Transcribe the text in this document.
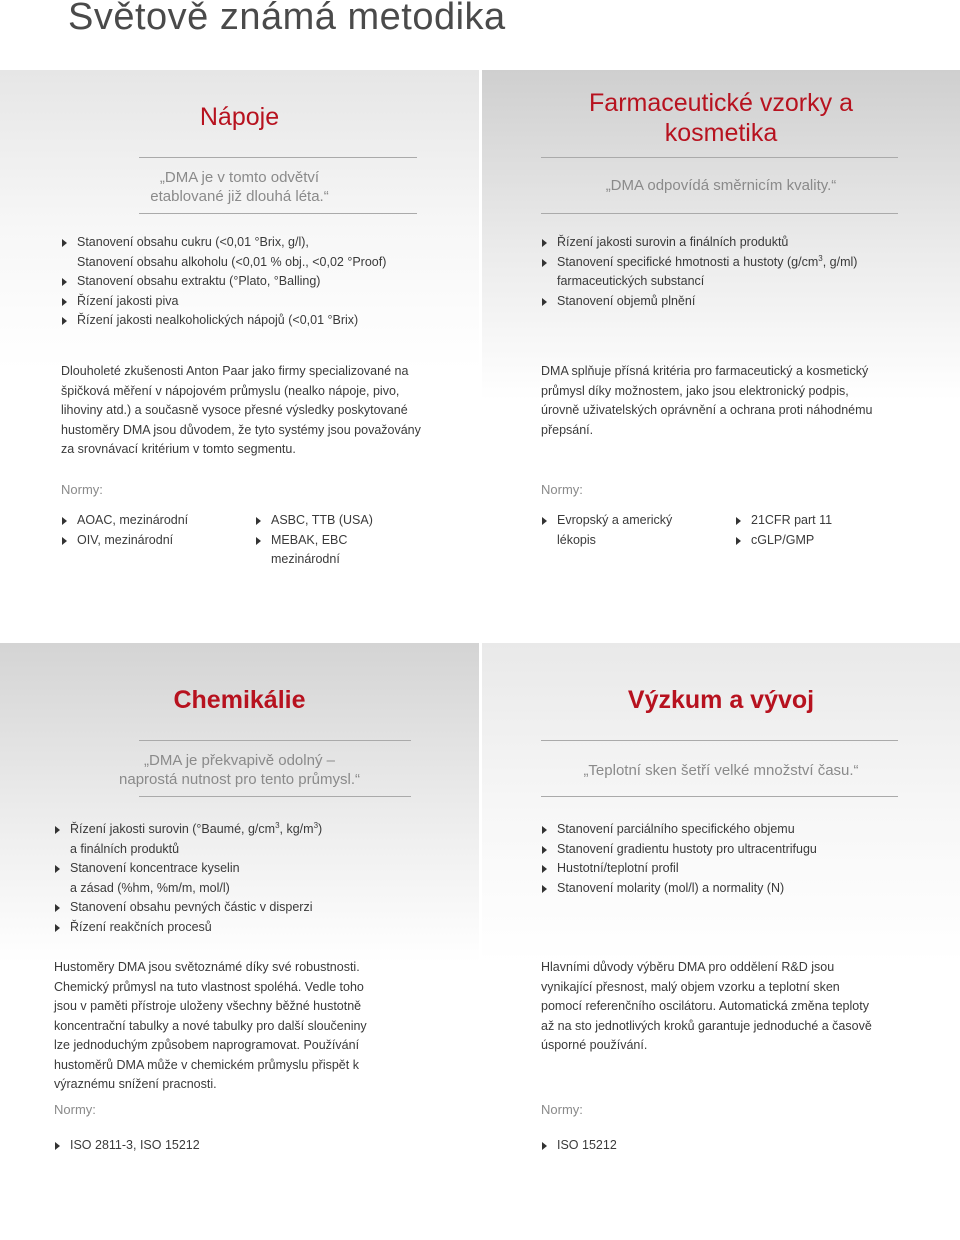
Světově známá metodika
Nápoje

„DMA je v tomto odvětví
etablované již dlouhá léta.“

Stanovení obsahu cukru (<0,01 °Brix, g/l),
Stanovení obsahu alkoholu (<0,01 % obj., <0,02 °Proof)
Stanovení obsahu extraktu (°Plato, °Balling)
Řízení jakosti piva
Řízení jakosti nealkoholických nápojů (<0,01 °Brix)

Dlouholeté zkušenosti Anton Paar jako firmy specializované na
špičková měření v nápojovém průmyslu (nealko nápoje, pivo,
lihoviny atd.) a současně vysoce přesné výsledky poskytované
hustoměry DMA jsou důvodem, že tyto systémy jsou považovány
za srovnávací kritérium v tomto segmentu.

Normy:

AOAC, mezinárodní
OIV, mezinárodní
ASBC, TTB (USA)
MEBAK, EBC
mezinárodní
Farmaceutické vzorky a
kosmetika

„DMA odpovídá směrnicím kvality.“

Řízení jakosti surovin a finálních produktů
Stanovení specifické hmotnosti a hustoty ($g/cm^3$, g/ml)
farmaceutických substancí
Stanovení objemů plnění

DMA splňuje přísná kritéria pro farmaceutický a kosmetický
průmysl díky možnostem, jako jsou elektronický podpis,
úrovně uživatelských oprávnění a ochrana proti náhodnému
přepsání.

Normy:

Evropský a americký
lékopis
21CFR part 11
cGLP/GMP
Chemikálie

„DMA je překvapivě odolný –
naprostá nutnost pro tento průmysl.“

Řízení jakosti surovin (°Baumé, $g/cm^3$, $kg/m^3$)
a finálních produktů
Stanovení koncentrace kyselin
a zásad (%hm, %m/m, mol/l)
Stanovení obsahu pevných částic v disperzi
Řízení reakčních procesů

Hustoměry DMA jsou světoznámé díky své robustnosti.
Chemický průmysl na tuto vlastnost spoléhá. Vedle toho
jsou v paměti přístroje uloženy všechny běžné hustotně
koncentrační tabulky a nové tabulky pro další sloučeniny
lze jednoduchým způsobem naprogramovat. Používání
hustoměrů DMA může v chemickém průmyslu přispět k
výraznému snížení pracnosti.

Normy:

ISO 2811-3, ISO 15212
Výzkum a vývoj

„Teplotní sken šetří velké množství času.“

Stanovení parciálního specifického objemu
Stanovení gradientu hustoty pro ultracentrifugu
Hustotní/teplotní profil
Stanovení molarity (mol/l) a normality (N)

Hlavními důvody výběru DMA pro oddělení R&D jsou
vynikající přesnost, malý objem vzorku a teplotní sken
pomocí referenčního oscilátoru. Automatická změna teploty
až na sto jednotlivých kroků garantuje jednoduché a časově
úsporné používání.

Normy:

ISO 15212
